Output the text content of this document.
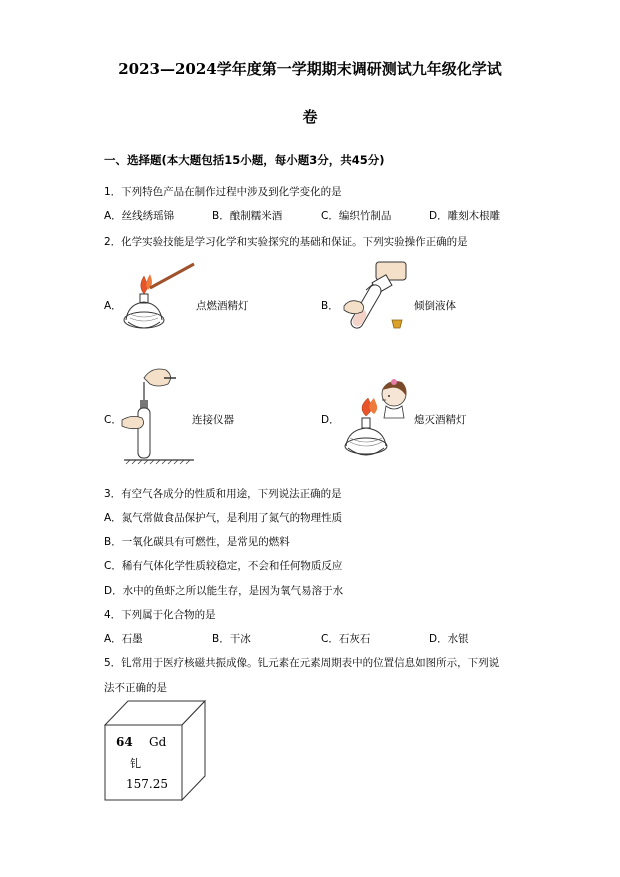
2023—2024学年度第一学期期末调研测试九年级化学试
卷
一、选择题(本大题包括15小题，每小题3分，共45分)
1．下列特色产品在制作过程中涉及到化学变化的是
A．丝线绣瑶锦	B．酿制糯米酒	C．编织竹制品	D．雕刻木根雕
2．化学实验技能是学习化学和实验探究的基础和保证。下列实验操作正确的是
A．	点燃酒精灯	B．	倾倒液体
C．	连接仪器	D．	熄灭酒精灯
3．有空气各成分的性质和用途，下列说法正确的是
A．氮气常做食品保护气，是利用了氮气的物理性质
B．一氧化碳具有可燃性，是常见的燃料
C．稀有气体化学性质较稳定，不会和任何物质反应
D．水中的鱼虾之所以能生存，是因为氧气易溶于水
4．下列属于化合物的是
A．石墨	B．干冰	C．石灰石	D．水银
5．钆常用于医疗核磁共振成像。钆元素在元素周期表中的位置信息如图所示，下列说
法不正确的是
64 Gd
钆
157.25
